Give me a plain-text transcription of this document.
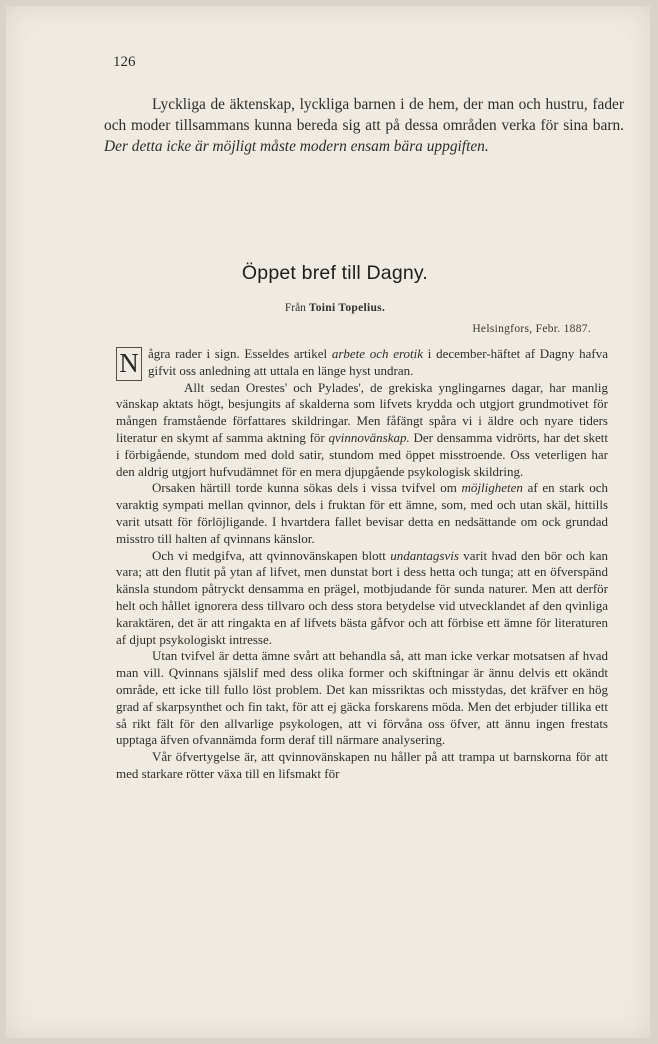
126

Lyckliga de äktenskap, lyckliga barnen i de hem, der man och hustru, fader och moder tillsammans kunna bereda sig att på dessa områden verka för sina barn. Der detta icke är möjligt måste modern ensam bära uppgiften.

Öppet bref till Dagny.
Från Toini Topelius.
Helsingfors, Febr. 1887.

N ågra rader i sign. Esseldes artikel arbete och erotik i december-häftet af Dagny hafva gifvit oss anledning att uttala en länge hyst undran.

Allt sedan Orestes' och Pylades', de grekiska ynglingarnes dagar, har manlig vänskap aktats högt, besjungits af skalderna som lifvets krydda och utgjort grundmotivet för mången framstående författares skildringar. Men fåfängt spåra vi i äldre och nyare tiders literatur en skymt af samma aktning för qvinnovänskap. Der densamma vidrörts, har det skett i förbigående, stundom med dold satir, stundom med öppet misstroende. Oss veterligen har den aldrig utgjort hufvudämnet för en mera djupgående psykologisk skildring.

Orsaken härtill torde kunna sökas dels i vissa tvifvel om möjligheten af en stark och varaktig sympati mellan qvinnor, dels i fruktan för ett ämne, som, med och utan skäl, hittills varit utsatt för förlöjligande. I hvartdera fallet bevisar detta en nedsättande om ock grundad misstro till halten af qvinnans känslor.

Och vi medgifva, att qvinnovänskapen blott undantagsvis varit hvad den bör och kan vara; att den flutit på ytan af lifvet, men dunstat bort i dess hetta och tunga; att en öfverspänd känsla stundom påtryckt densamma en prägel, motbjudande för sunda naturer. Men att derför helt och hållet ignorera dess tillvaro och dess stora betydelse vid utvecklandet af den qvinliga karaktären, det är att ringakta en af lifvets bästa gåfvor och att förbise ett ämne för literaturen af djupt psykologiskt intresse.

Utan tvifvel är detta ämne svårt att behandla så, att man icke verkar motsatsen af hvad man vill. Qvinnans själslif med dess olika former och skiftningar är ännu delvis ett okändt område, ett icke till fullo löst problem. Det kan missriktas och misstydas, det kräfver en hög grad af skarpsynthet och fin takt, för att ej gäcka forskarens möda. Men det erbjuder tillika ett så rikt fält för den allvarlige psykologen, att vi förvåna oss öfver, att ännu ingen frestats upptaga äfven ofvannämda form deraf till närmare analysering.

Vår öfvertygelse är, att qvinnovänskapen nu håller på att trampa ut barnskorna för att med starkare rötter växa till en lifsmakt för
